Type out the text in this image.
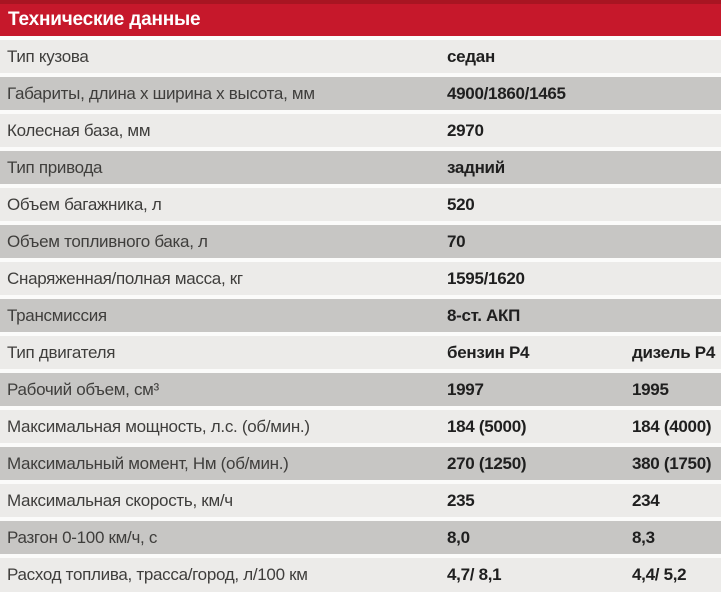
Технические данные
Тип кузова	седан
Габариты, длина х ширина х высота, мм	4900/1860/1465
Колесная база, мм	2970
Тип привода	задний
Объем багажника, л	520
Объем топливного бака, л	70
Снаряженная/полная масса, кг	1595/1620
Трансмиссия	8-ст. АКП
Тип двигателя	бензин Р4	дизель Р4
Рабочий объем, см³	1997	1995
Максимальная мощность, л.с. (об/мин.)	184 (5000)	184 (4000)
Максимальный момент, Нм (об/мин.)	270 (1250)	380 (1750)
Максимальная скорость, км/ч	235	234
Разгон 0-100 км/ч, с	8,0	8,3
Расход топлива, трасса/город, л/100 км	4,7/ 8,1	4,4/ 5,2
